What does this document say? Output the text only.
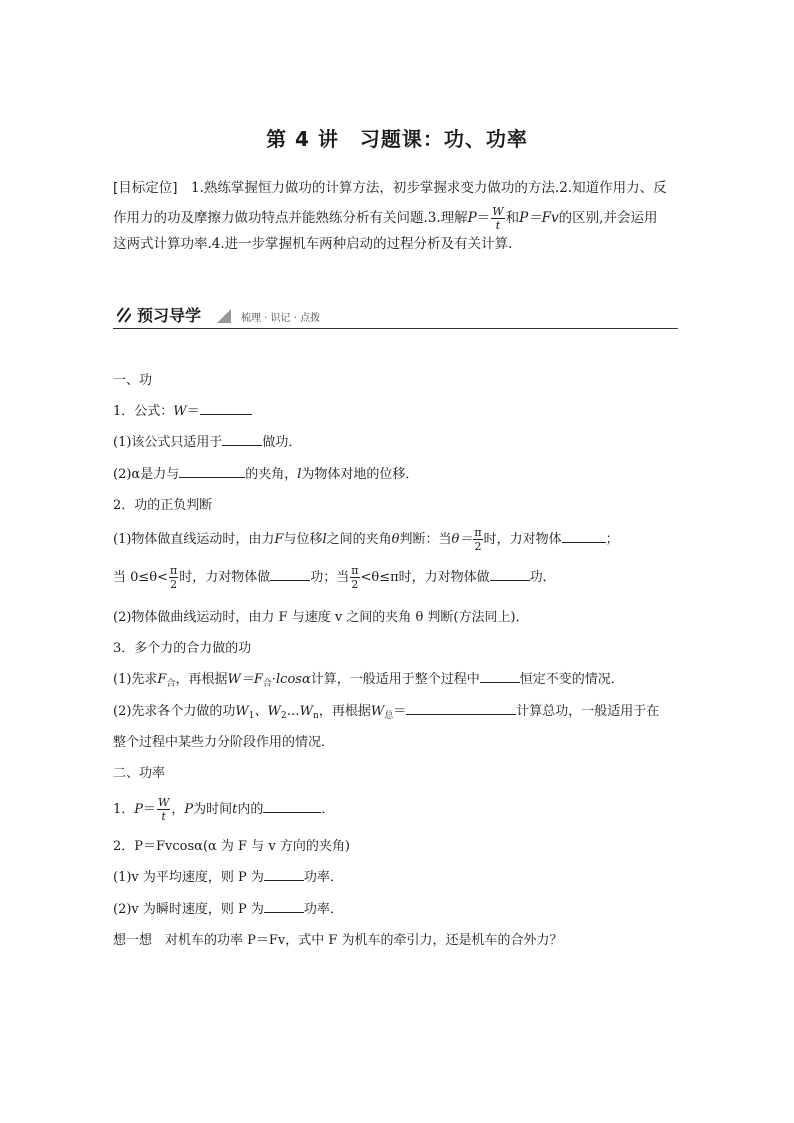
第 4 讲　习题课：功、功率
[目标定位]　 1.熟练掌握恒力做功的计算方法，初步掌握求变力做功的方法.2.知道作用力、反
作用力的功及摩擦力做功特点并能熟练分析有关问题.3.理解$P= \frac{W}{t}$ 和P＝Fv的区别,并会运用
这两式计算功率.4.进一步掌握机车两种启动的过程分析及有关计算.
预习导学	梳理 · 识记 · 点拨
一、功
1．公式：W＝
(1)该公式只适用于	做功．
(2)α是力与	的夹角，l为物体对地的位移．
2．功的正负判断
(1)物体做直线运动时，由力F与位移l之间的夹角θ判断：当$\theta= \frac{\pi}{2}$ 时，力对物体	；
当 $0\le\theta< \frac{\pi}{2}$ 时，力对物体做	功；当 $\frac{\pi}{2} <\theta\le\pi$时，力对物体做	功．
(2)物体做曲线运动时，由力 F 与速度 v 之间的夹角 θ 判断(方法同上)．
3．多个力的合力做的功
(1)先求$F_合$，再根据$W=F_合\cdot lcos\alpha$计算，一般适用于整个过程中	恒定不变的情况．
(2)先求各个力做的功$W_1$、$W_2\dots W_n$，再根据$W_总=$	计算总功，一般适用于在
整个过程中某些力分阶段作用的情况．
二、功率
1．$P= \frac{W}{t}$ ，P为时间t内的	．
2．P＝Fvcosα(α 为 F 与 v 方向的夹角)
(1)v 为平均速度，则 P 为	功率．
(2)v 为瞬时速度，则 P 为	功率．
想一想　对机车的功率 P＝Fv，式中 F 为机车的牵引力，还是机车的合外力？
